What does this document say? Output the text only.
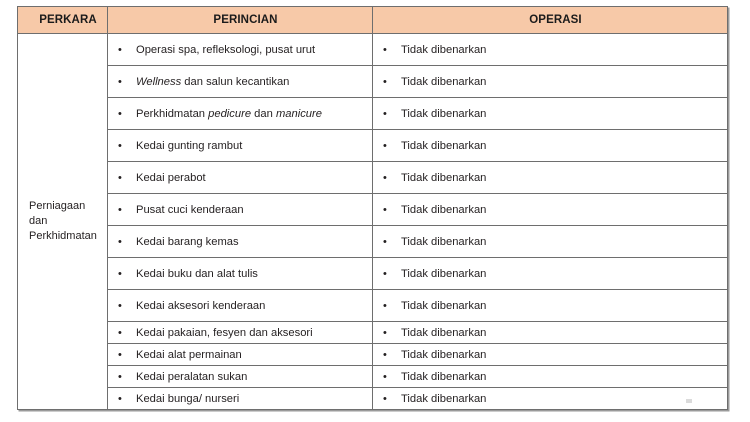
PERKARA	PERINCIAN	OPERASI

Perniagaan dan
Perkhidmatan	• Operasi spa, refleksologi, pusat urut	• Tidak dibenarkan

	• Wellness dan salun kecantikan	• Tidak dibenarkan

	• Perkhidmatan pedicure dan manicure	• Tidak dibenarkan

	• Kedai gunting rambut	• Tidak dibenarkan

	• Kedai perabot	• Tidak dibenarkan

	• Pusat cuci kenderaan	• Tidak dibenarkan

	• Kedai barang kemas	• Tidak dibenarkan

	• Kedai buku dan alat tulis	• Tidak dibenarkan

	• Kedai aksesori kenderaan	• Tidak dibenarkan

	• Kedai pakaian, fesyen dan aksesori	• Tidak dibenarkan

	• Kedai alat permainan	• Tidak dibenarkan

	• Kedai peralatan sukan	• Tidak dibenarkan

	• Kedai bunga/ nurseri	• Tidak dibenarkan
